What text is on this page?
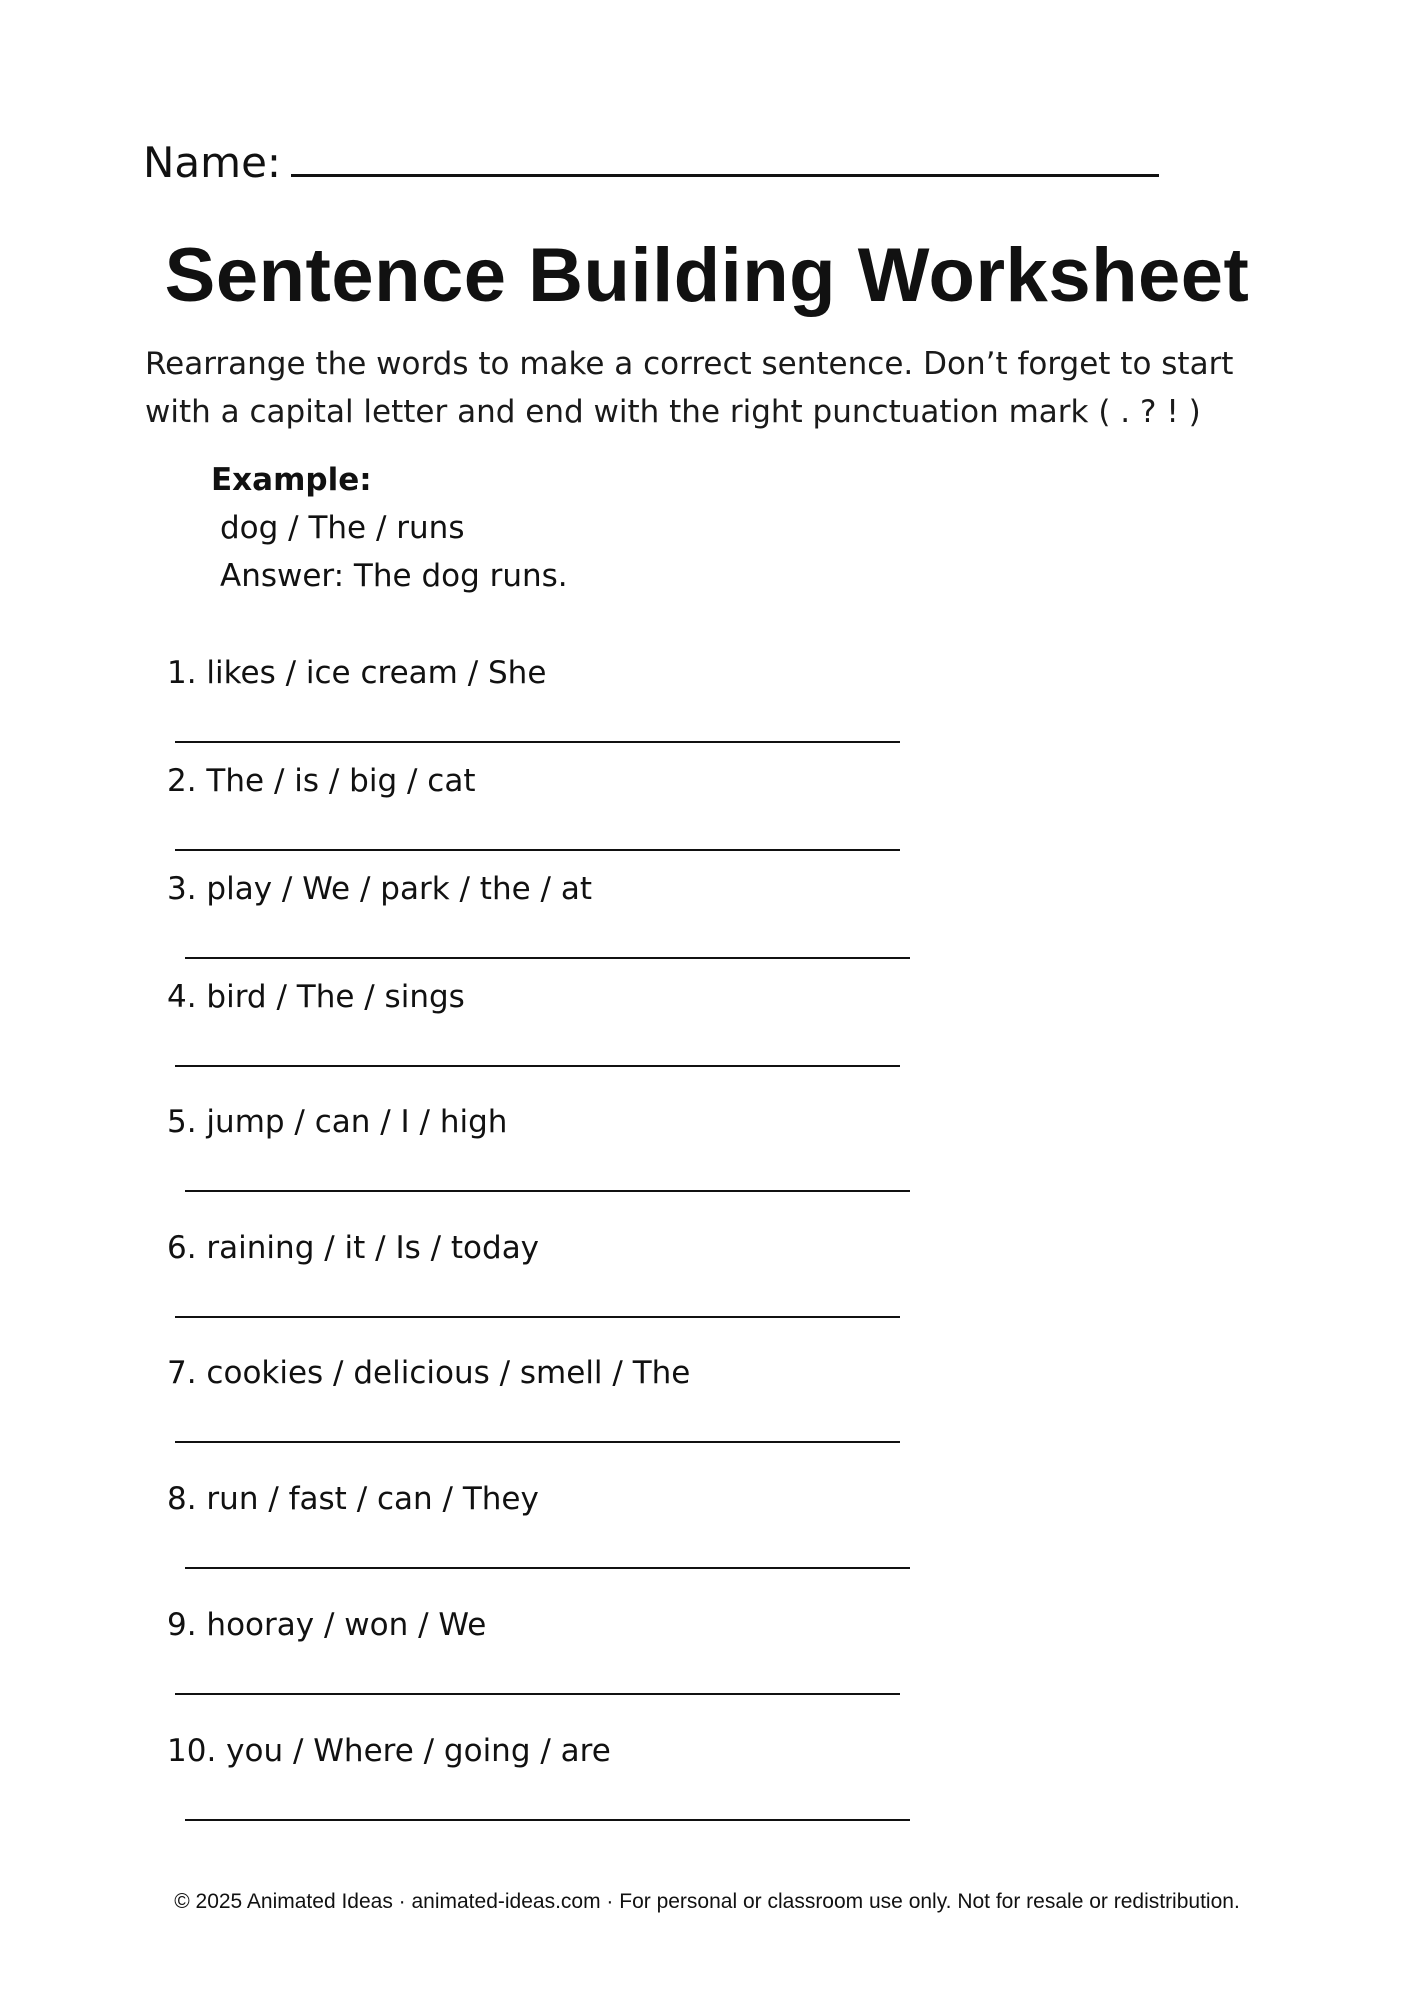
Name:
Sentence Building Worksheet
Rearrange the words to make a correct sentence. Don’t forget to start with a capital letter and end with the right punctuation mark ( . ? ! )
Example:
dog / The / runs
Answer: The dog runs.
1. likes / ice cream / She
2. The / is / big / cat
3. play / We / park / the / at
4. bird / The / sings
5. jump / can / I / high
6. raining / it / Is / today
7. cookies / delicious / smell / The
8. run / fast / can / They
9. hooray / won / We
10. you / Where / going / are
© 2025 Animated Ideas · animated-ideas.com · For personal or classroom use only. Not for resale or redistribution.
